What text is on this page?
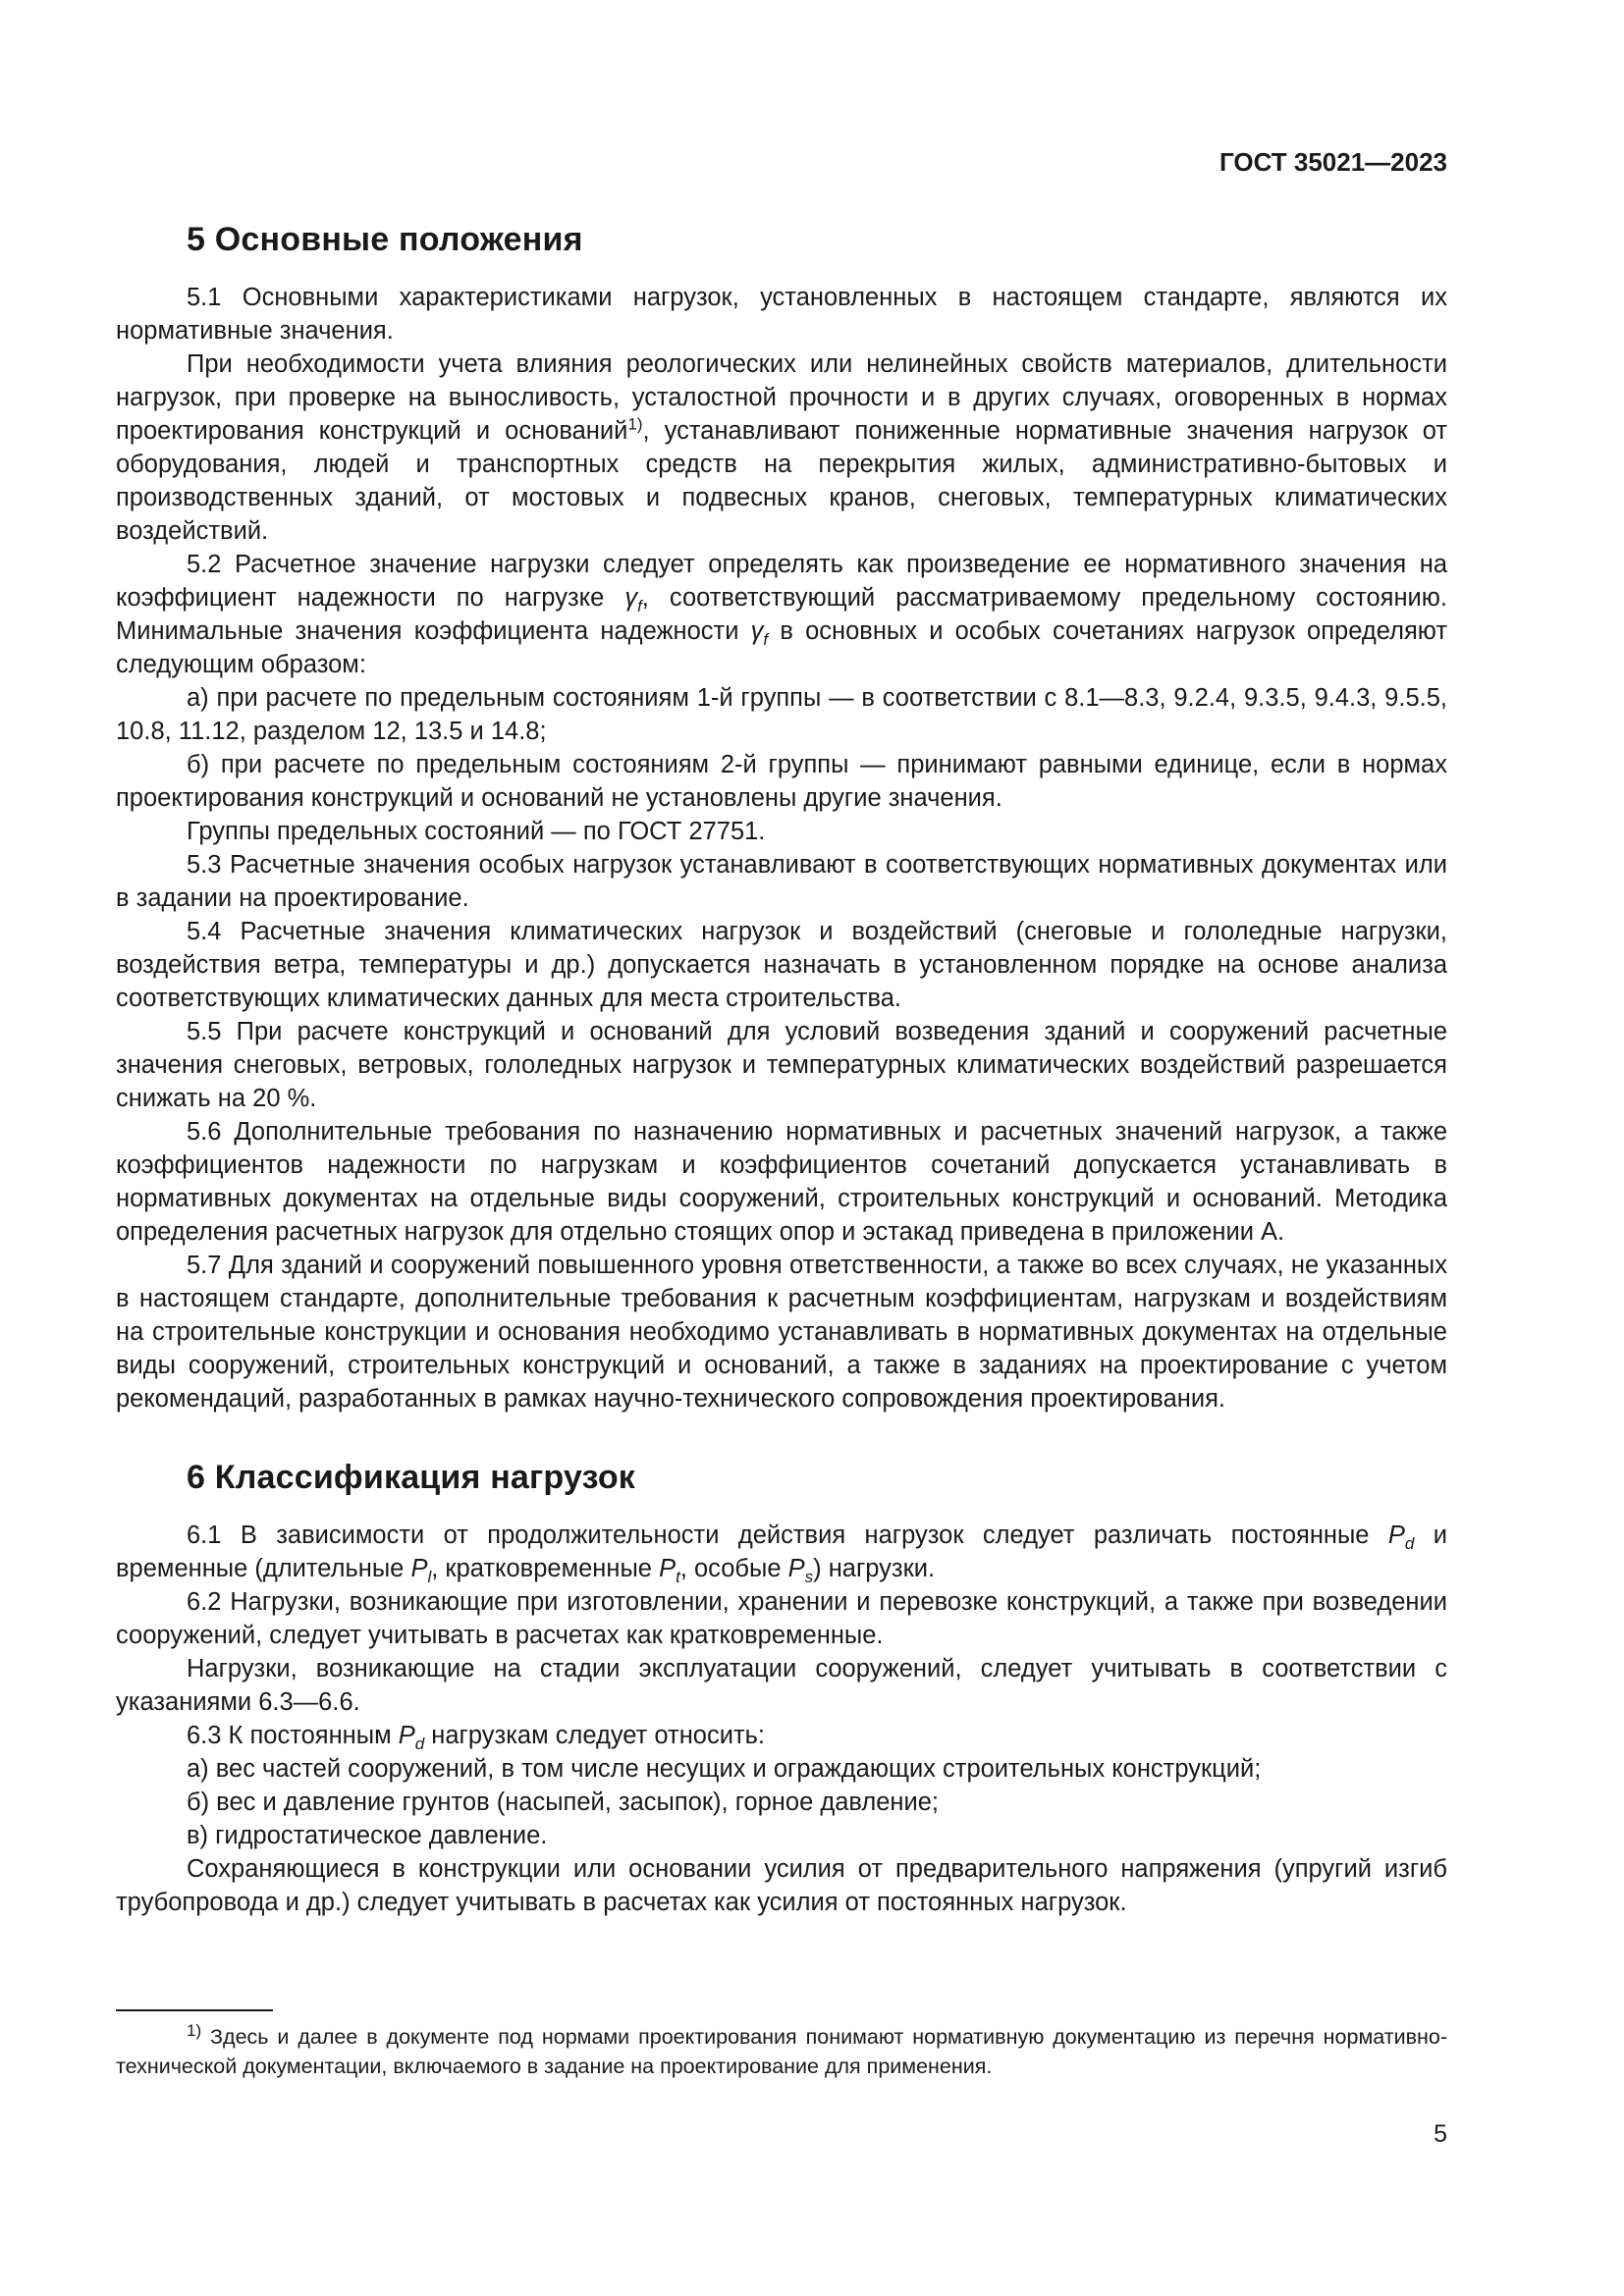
ГОСТ 35021—2023
5 Основные положения

5.1 Основными характеристиками нагрузок, установленных в настоящем стандарте, являются их нормативные значения.

При необходимости учета влияния реологических или нелинейных свойств материалов, длительности нагрузок, при проверке на выносливость, усталостной прочности и в других случаях, оговоренных в нормах проектирования конструкций и оснований$^{1)}$, устанавливают пониженные нормативные значения нагрузок от оборудования, людей и транспортных средств на перекрытия жилых, административно-бытовых и производственных зданий, от мостовых и подвесных кранов, снеговых, температурных климатических воздействий.

5.2 Расчетное значение нагрузки следует определять как произведение ее нормативного значения на коэффициент надежности по нагрузке $\gamma_f$, соответствующий рассматриваемому предельному состоянию. Минимальные значения коэффициента надежности $\gamma_f$ в основных и особых сочетаниях нагрузок определяют следующим образом:

а) при расчете по предельным состояниям 1-й группы — в соответствии с 8.1—8.3, 9.2.4, 9.3.5, 9.4.3, 9.5.5, 10.8, 11.12, разделом 12, 13.5 и 14.8;

б) при расчете по предельным состояниям 2-й группы — принимают равными единице, если в нормах проектирования конструкций и оснований не установлены другие значения.

Группы предельных состояний — по ГОСТ 27751.

5.3 Расчетные значения особых нагрузок устанавливают в соответствующих нормативных документах или в задании на проектирование.

5.4 Расчетные значения климатических нагрузок и воздействий (снеговые и гололедные нагрузки, воздействия ветра, температуры и др.) допускается назначать в установленном порядке на основе анализа соответствующих климатических данных для места строительства.

5.5 При расчете конструкций и оснований для условий возведения зданий и сооружений расчетные значения снеговых, ветровых, гололедных нагрузок и температурных климатических воздействий разрешается снижать на 20 %.

5.6 Дополнительные требования по назначению нормативных и расчетных значений нагрузок, а также коэффициентов надежности по нагрузкам и коэффициентов сочетаний допускается устанавливать в нормативных документах на отдельные виды сооружений, строительных конструкций и оснований. Методика определения расчетных нагрузок для отдельно стоящих опор и эстакад приведена в приложении А.

5.7 Для зданий и сооружений повышенного уровня ответственности, а также во всех случаях, не указанных в настоящем стандарте, дополнительные требования к расчетным коэффициентам, нагрузкам и воздействиям на строительные конструкции и основания необходимо устанавливать в нормативных документах на отдельные виды сооружений, строительных конструкций и оснований, а также в заданиях на проектирование с учетом рекомендаций, разработанных в рамках научно-технического сопровождения проектирования.

6 Классификация нагрузок

6.1 В зависимости от продолжительности действия нагрузок следует различать постоянные $P_d$ и временные (длительные $P_l$, кратковременные $P_t$, особые $P_s$) нагрузки.

6.2 Нагрузки, возникающие при изготовлении, хранении и перевозке конструкций, а также при возведении сооружений, следует учитывать в расчетах как кратковременные.

Нагрузки, возникающие на стадии эксплуатации сооружений, следует учитывать в соответствии с указаниями 6.3—6.6.

6.3 К постоянным $P_d$ нагрузкам следует относить:

а) вес частей сооружений, в том числе несущих и ограждающих строительных конструкций;

б) вес и давление грунтов (насыпей, засыпок), горное давление;

в) гидростатическое давление.

Сохраняющиеся в конструкции или основании усилия от предварительного напряжения (упругий изгиб трубопровода и др.) следует учитывать в расчетах как усилия от постоянных нагрузок.

$^{1)}$ Здесь и далее в документе под нормами проектирования понимают нормативную документацию из перечня нормативно-технической документации, включаемого в задание на проектирование для применения.
5
